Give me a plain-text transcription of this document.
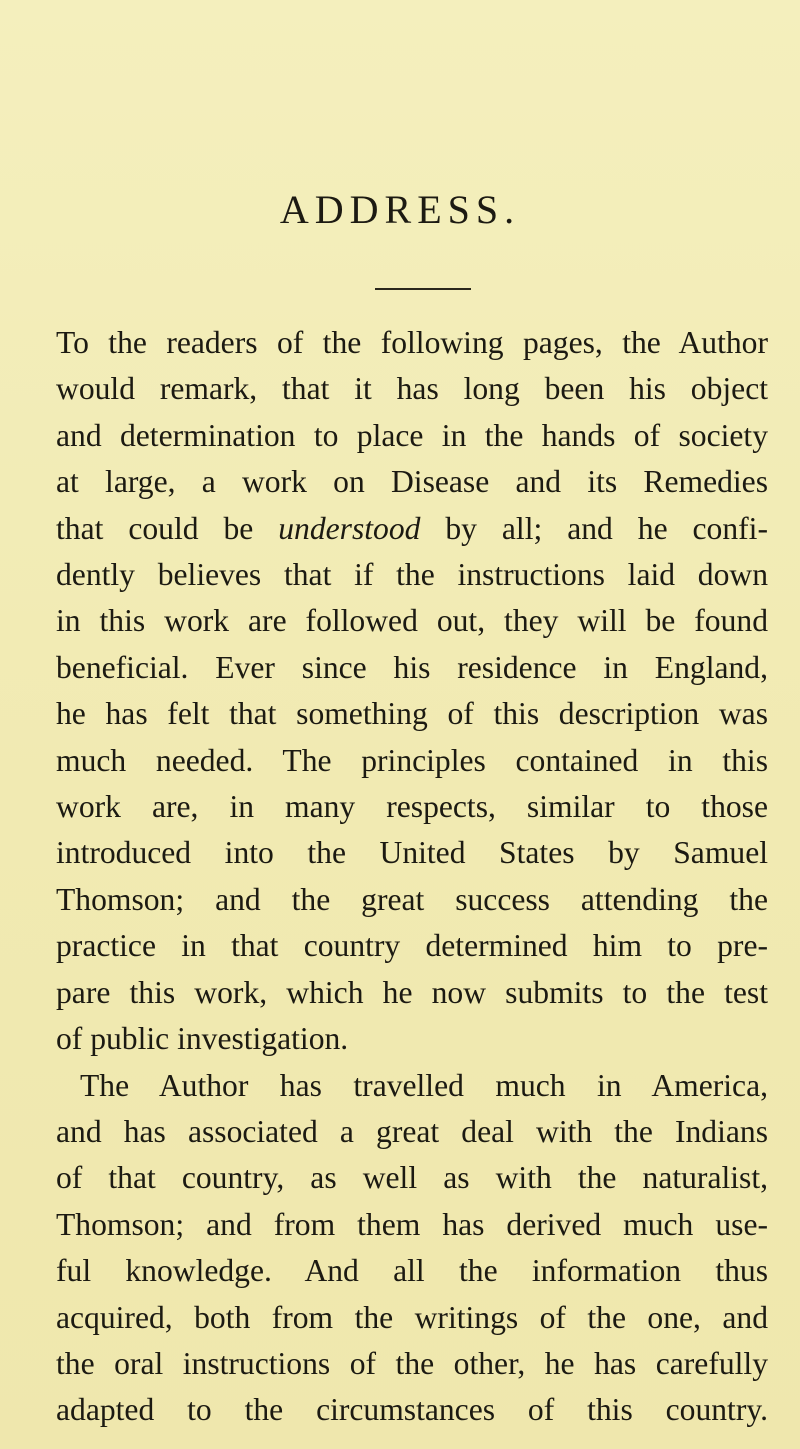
ADDRESS.
To the readers of the following pages, the Author
would remark, that it has long been his object
and determination to place in the hands of society
at large, a work on Disease and its Remedies
that could be understood by all; and he confi-
dently believes that if the instructions laid down
in this work are followed out, they will be found
beneficial. Ever since his residence in England,
he has felt that something of this description was
much needed. The principles contained in this
work are, in many respects, similar to those
introduced into the United States by Samuel
Thomson; and the great success attending the
practice in that country determined him to pre-
pare this work, which he now submits to the test
of public investigation.
The Author has travelled much in America,
and has associated a great deal with the Indians
of that country, as well as with the naturalist,
Thomson; and from them has derived much use-
ful knowledge. And all the information thus
acquired, both from the writings of the one, and
the oral instructions of the other, he has carefully
adapted to the circumstances of this country.
